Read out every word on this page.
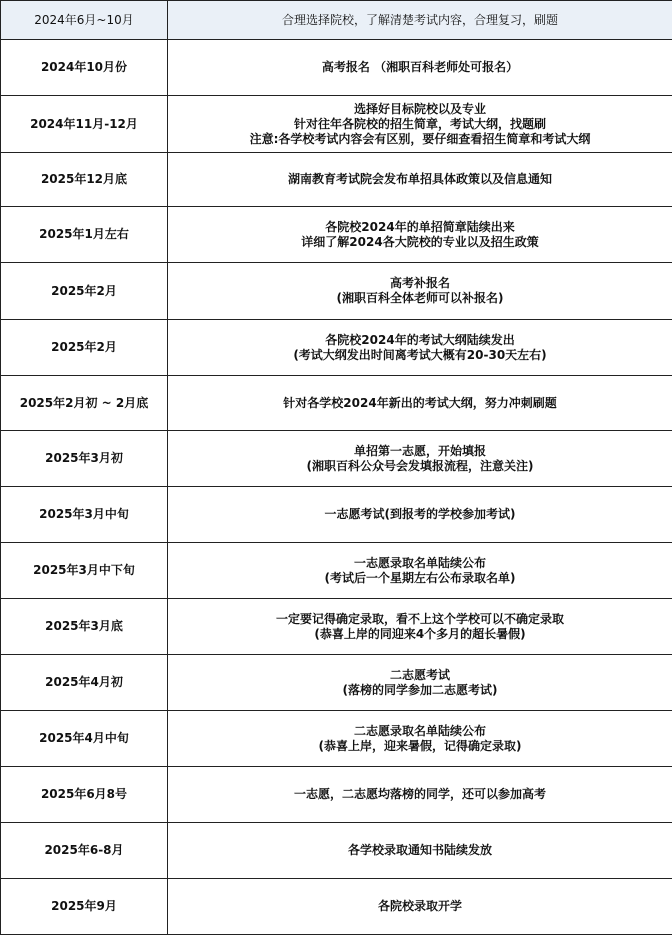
2024年6月~10月	合理选择院校，了解清楚考试内容，合理复习，刷题

2024年10月份	高考报名 （湘职百科老师处可报名）

2024年11月-12月	选择好目标院校以及专业
针对往年各院校的招生简章，考试大纲，找题刷
注意:各学校考试内容会有区别，要仔细查看招生简章和考试大纲

2025年12月底	湖南教育考试院会发布单招具体政策以及信息通知

2025年1月左右	各院校2024年的单招简章陆续出来
详细了解2024各大院校的专业以及招生政策

2025年2月	高考补报名
(湘职百科全体老师可以补报名)

2025年2月	各院校2024年的考试大纲陆续发出
(考试大纲发出时间离考试大概有20-30天左右)

2025年2月初 ~ 2月底	针对各学校2024年新出的考试大纲，努力冲刺刷题

2025年3月初	单招第一志愿，开始填报
(湘职百科公众号会发填报流程，注意关注)

2025年3月中旬	一志愿考试(到报考的学校参加考试)

2025年3月中下旬	一志愿录取名单陆续公布
(考试后一个星期左右公布录取名单)

2025年3月底	一定要记得确定录取，看不上这个学校可以不确定录取
(恭喜上岸的同迎来4个多月的超长暑假)

2025年4月初	二志愿考试
(落榜的同学参加二志愿考试)

2025年4月中旬	二志愿录取名单陆续公布
(恭喜上岸，迎来暑假，记得确定录取)

2025年6月8号	一志愿，二志愿均落榜的同学，还可以参加高考

2025年6-8月	各学校录取通知书陆续发放

2025年9月	各院校录取开学
